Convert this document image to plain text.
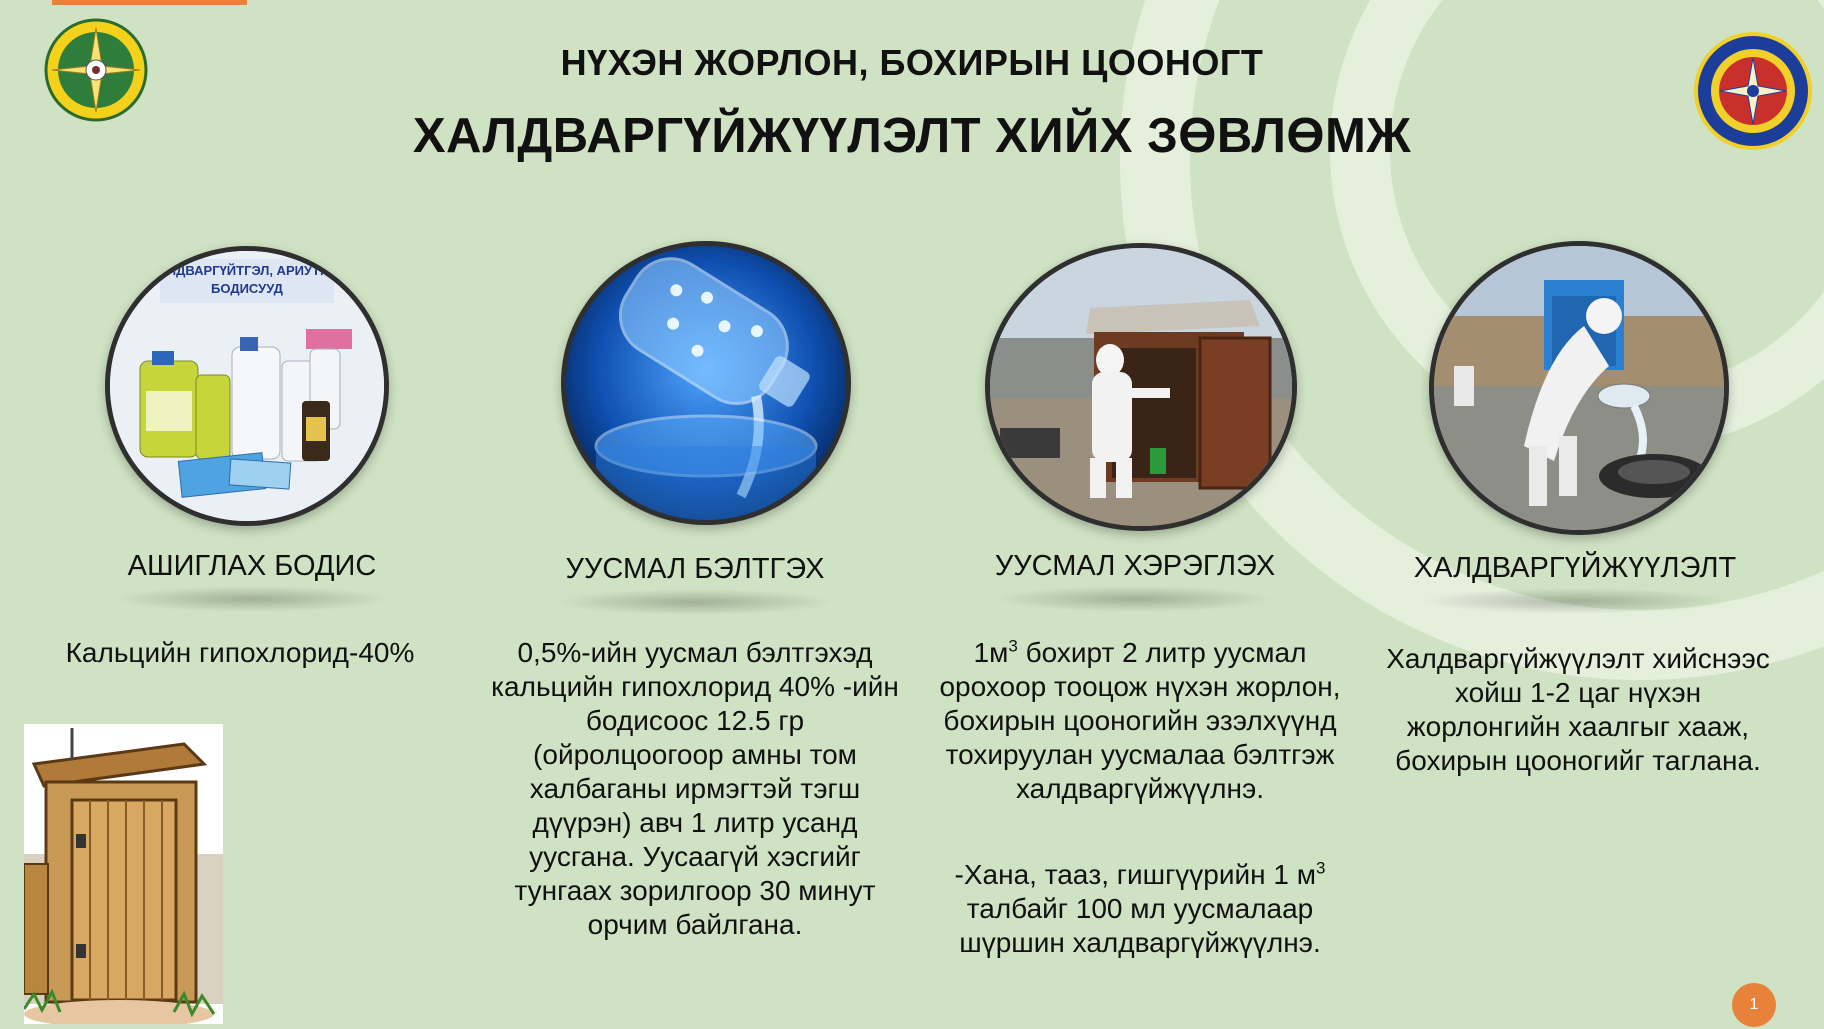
НҮХЭН ЖОРЛОН, БОХИРЫН ЦООНОГТ
ХАЛДВАРГҮЙЖҮҮЛЭЛТ ХИЙХ ЗӨВЛӨМЖ
ХАЛДВАРГҮЙТГЭЛ, АРИУТГАЛ
БОДИСУУД
АШИГЛАХ БОДИС	УУСМАЛ БЭЛТГЭХ	УУСМАЛ ХЭРЭГЛЭХ	ХАЛДВАРГҮЙЖҮҮЛЭЛТ
Кальцийн гипохлорид-40%	0,5%-ийн уусмал бэлтгэхэд кальцийн гипохлорид 40% -ийн бодисоос 12.5 гр (ойролцоогоор амны том халбаганы ирмэгтэй тэгш дүүрэн) авч 1 литр усанд уусгана. Уусаагүй хэсгийг тунгаах зорилгоор 30 минут орчим байлгана.
$1м^3$ бохирт 2 литр уусмал орохоор тооцож нүхэн жорлон, бохирын цооногийн эзэлхүүнд тохируулан уусмалаа бэлтгэж халдваргүйжүүлнэ.
-Хана, таaз, гишгүүрийн 1 $м^3$ талбайг 100 мл уусмалаар шүршин халдваргүйжүүлнэ.
Халдваргүйжүүлэлт хийснээс хойш 1-2 цаг нүхэн жорлонгийн хаалгыг хааж, бохирын цооногийг таглана.
1
